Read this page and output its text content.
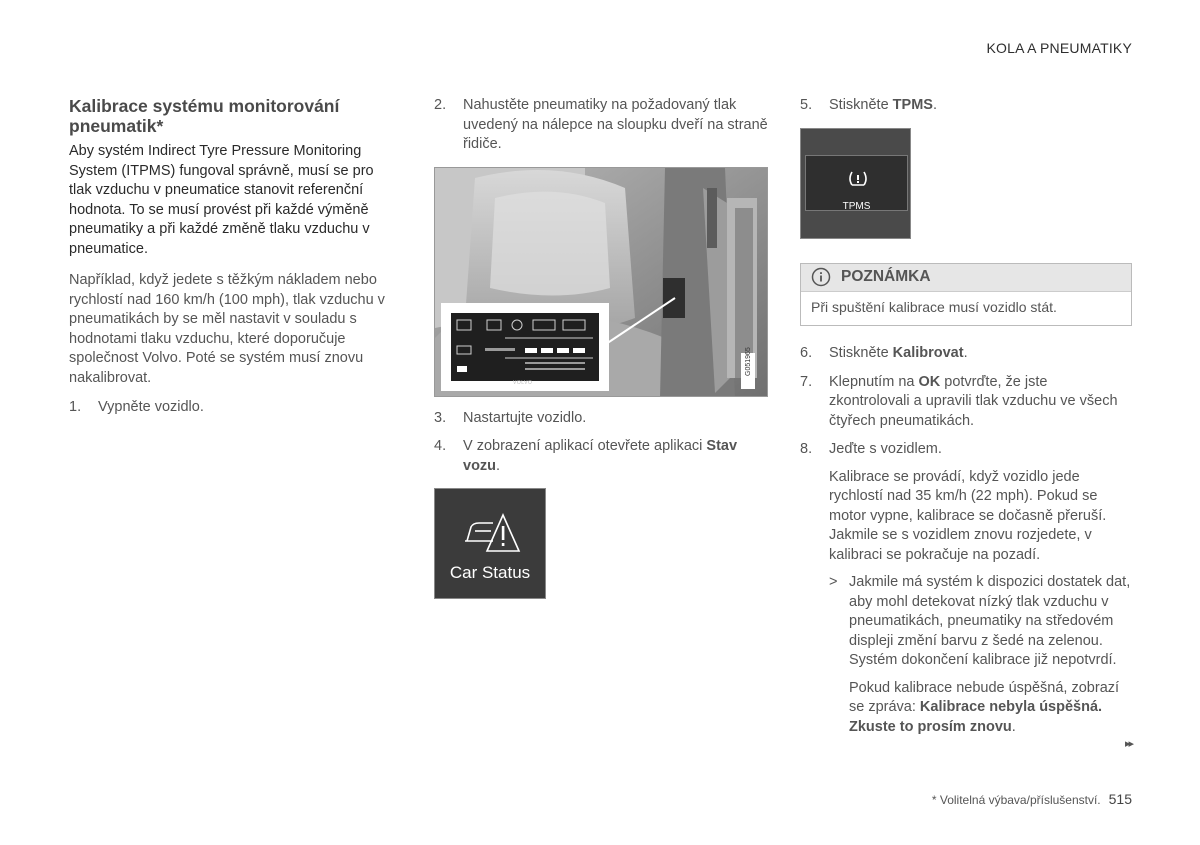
KOLA A PNEUMATIKY
Kalibrace systému monitorování pneumatik*

Aby systém Indirect Tyre Pressure Monitoring System (ITPMS) fungoval správně, musí se pro tlak vzduchu v pneumatice stanovit referenční hodnota. To se musí provést při každé výměně pneumatiky a při každé změně tlaku vzduchu v pneumatice.

Například, když jedete s těžkým nákladem nebo rychlostí nad 160 km/h (100 mph), tlak vzduchu v pneumatikách by se měl nastavit v souladu s hodnotami tlaku vzduchu, které doporučuje společnost Volvo. Poté se systém musí znovu nakalibrovat.

1.	Vypněte vozidlo.
2.	Nahustěte pneumatiky na požadovaný tlak uvedený na nálepce na sloupku dveří na straně řidiče.
G051965
VOLVO
3.	Nastartujte vozidlo.
4.	V zobrazení aplikací otevřete aplikaci Stav vozu.
Car Status
5.	Stiskněte TPMS.
TPMS
POZNÁMKA
Při spuštění kalibrace musí vozidlo stát.
6.	Stiskněte Kalibrovat.
7.	Klepnutím na OK potvrďte, že jste zkontrolovali a upravili tlak vzduchu ve všech čtyřech pneumatikách.
8.	Jeďte s vozidlem.

Kalibrace se provádí, když vozidlo jede rychlostí nad 35 km/h (22 mph). Pokud se motor vypne, kalibrace se dočasně přeruší. Jakmile se s vozidlem znovu rozjedete, v kalibraci se pokračuje na pozadí.

> Jakmile má systém k dispozici dostatek dat, aby mohl detekovat nízký tlak vzduchu v pneumatikách, pneumatiky na středovém displeji změní barvu z šedé na zelenou. Systém dokončení kalibrace již nepotvrdí.

Pokud kalibrace nebude úspěšná, zobrazí se zpráva: Kalibrace nebyla úspěšná. Zkuste to prosím znovu.

▸▸
* Volitelná výbava/příslušenství. 515
